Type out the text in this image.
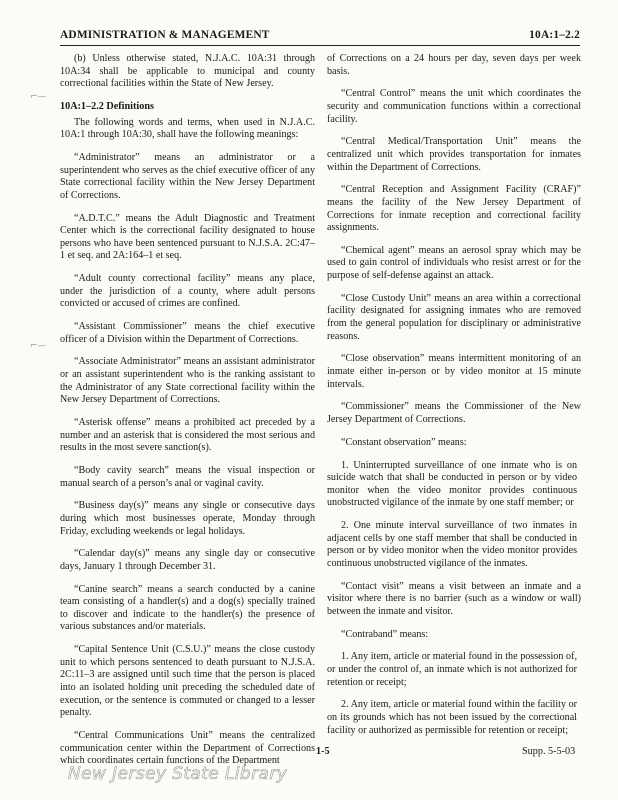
ADMINISTRATION & MANAGEMENT	10A:1–2.2

(b) Unless otherwise stated, N.J.A.C. 10A:31 through 10A:34 shall be applicable to municipal and county correctional facilities within the State of New Jersey.

10A:1–2.2 Definitions

The following words and terms, when used in N.J.A.C. 10A:1 through 10A:30, shall have the following meanings:

“Administrator” means an administrator or a superintendent who serves as the chief executive officer of any State correctional facility within the New Jersey Department of Corrections.

“A.D.T.C.” means the Adult Diagnostic and Treatment Center which is the correctional facility designated to house persons who have been sentenced pursuant to N.J.S.A. 2C:47–1 et seq. and 2A:164–1 et seq.

“Adult county correctional facility” means any place, under the jurisdiction of a county, where adult persons convicted or accused of crimes are confined.

“Assistant Commissioner” means the chief executive officer of a Division within the Department of Corrections.

“Associate Administrator” means an assistant administrator or an assistant superintendent who is the ranking assistant to the Administrator of any State correctional facility within the New Jersey Department of Corrections.

“Asterisk offense” means a prohibited act preceded by a number and an asterisk that is considered the most serious and results in the most severe sanction(s).

“Body cavity search” means the visual inspection or manual search of a person’s anal or vaginal cavity.

“Business day(s)” means any single or consecutive days during which most businesses operate, Monday through Friday, excluding weekends or legal holidays.

“Calendar day(s)” means any single day or consecutive days, January 1 through December 31.

“Canine search” means a search conducted by a canine team consisting of a handler(s) and a dog(s) specially trained to discover and indicate to the handler(s) the presence of various substances and/or materials.

“Capital Sentence Unit (C.S.U.)” means the close custody unit to which persons sentenced to death pursuant to N.J.S.A. 2C:11–3 are assigned until such time that the person is placed into an isolated holding unit preceding the scheduled date of execution, or the sentence is commuted or changed to a lesser penalty.

“Central Communications Unit” means the centralized communication center within the Department of Corrections which coordinates certain functions of the Department

of Corrections on a 24 hours per day, seven days per week basis.

“Central Control” means the unit which coordinates the security and communication functions within a correctional facility.

“Central Medical/Transportation Unit” means the centralized unit which provides transportation for inmates within the Department of Corrections.

“Central Reception and Assignment Facility (CRAF)” means the facility of the New Jersey Department of Corrections for inmate reception and correctional facility assignments.

“Chemical agent” means an aerosol spray which may be used to gain control of individuals who resist arrest or for the purpose of self-defense against an attack.

“Close Custody Unit” means an area within a correctional facility designated for assigning inmates who are removed from the general population for disciplinary or administrative reasons.

“Close observation” means intermittent monitoring of an inmate either in-person or by video monitor at 15 minute intervals.

“Commissioner” means the Commissioner of the New Jersey Department of Corrections.

“Constant observation” means:

1. Uninterrupted surveillance of one inmate who is on suicide watch that shall be conducted in person or by video monitor when the video monitor provides continuous unobstructed vigilance of the inmate by one staff member; or

2. One minute interval surveillance of two inmates in adjacent cells by one staff member that shall be conducted in person or by video monitor when the video monitor provides continuous unobstructed vigilance of the inmates.

“Contact visit” means a visit between an inmate and a visitor where there is no barrier (such as a window or wall) between the inmate and visitor.

“Contraband” means:

1. Any item, article or material found in the possession of, or under the control of, an inmate which is not authorized for retention or receipt;

2. Any item, article or material found within the facility or on its grounds which has not been issued by the correctional facility or authorized as permissible for retention or receipt;

⌐—
⌐—
1-5	Supp. 5-5-03
New Jersey State Library
